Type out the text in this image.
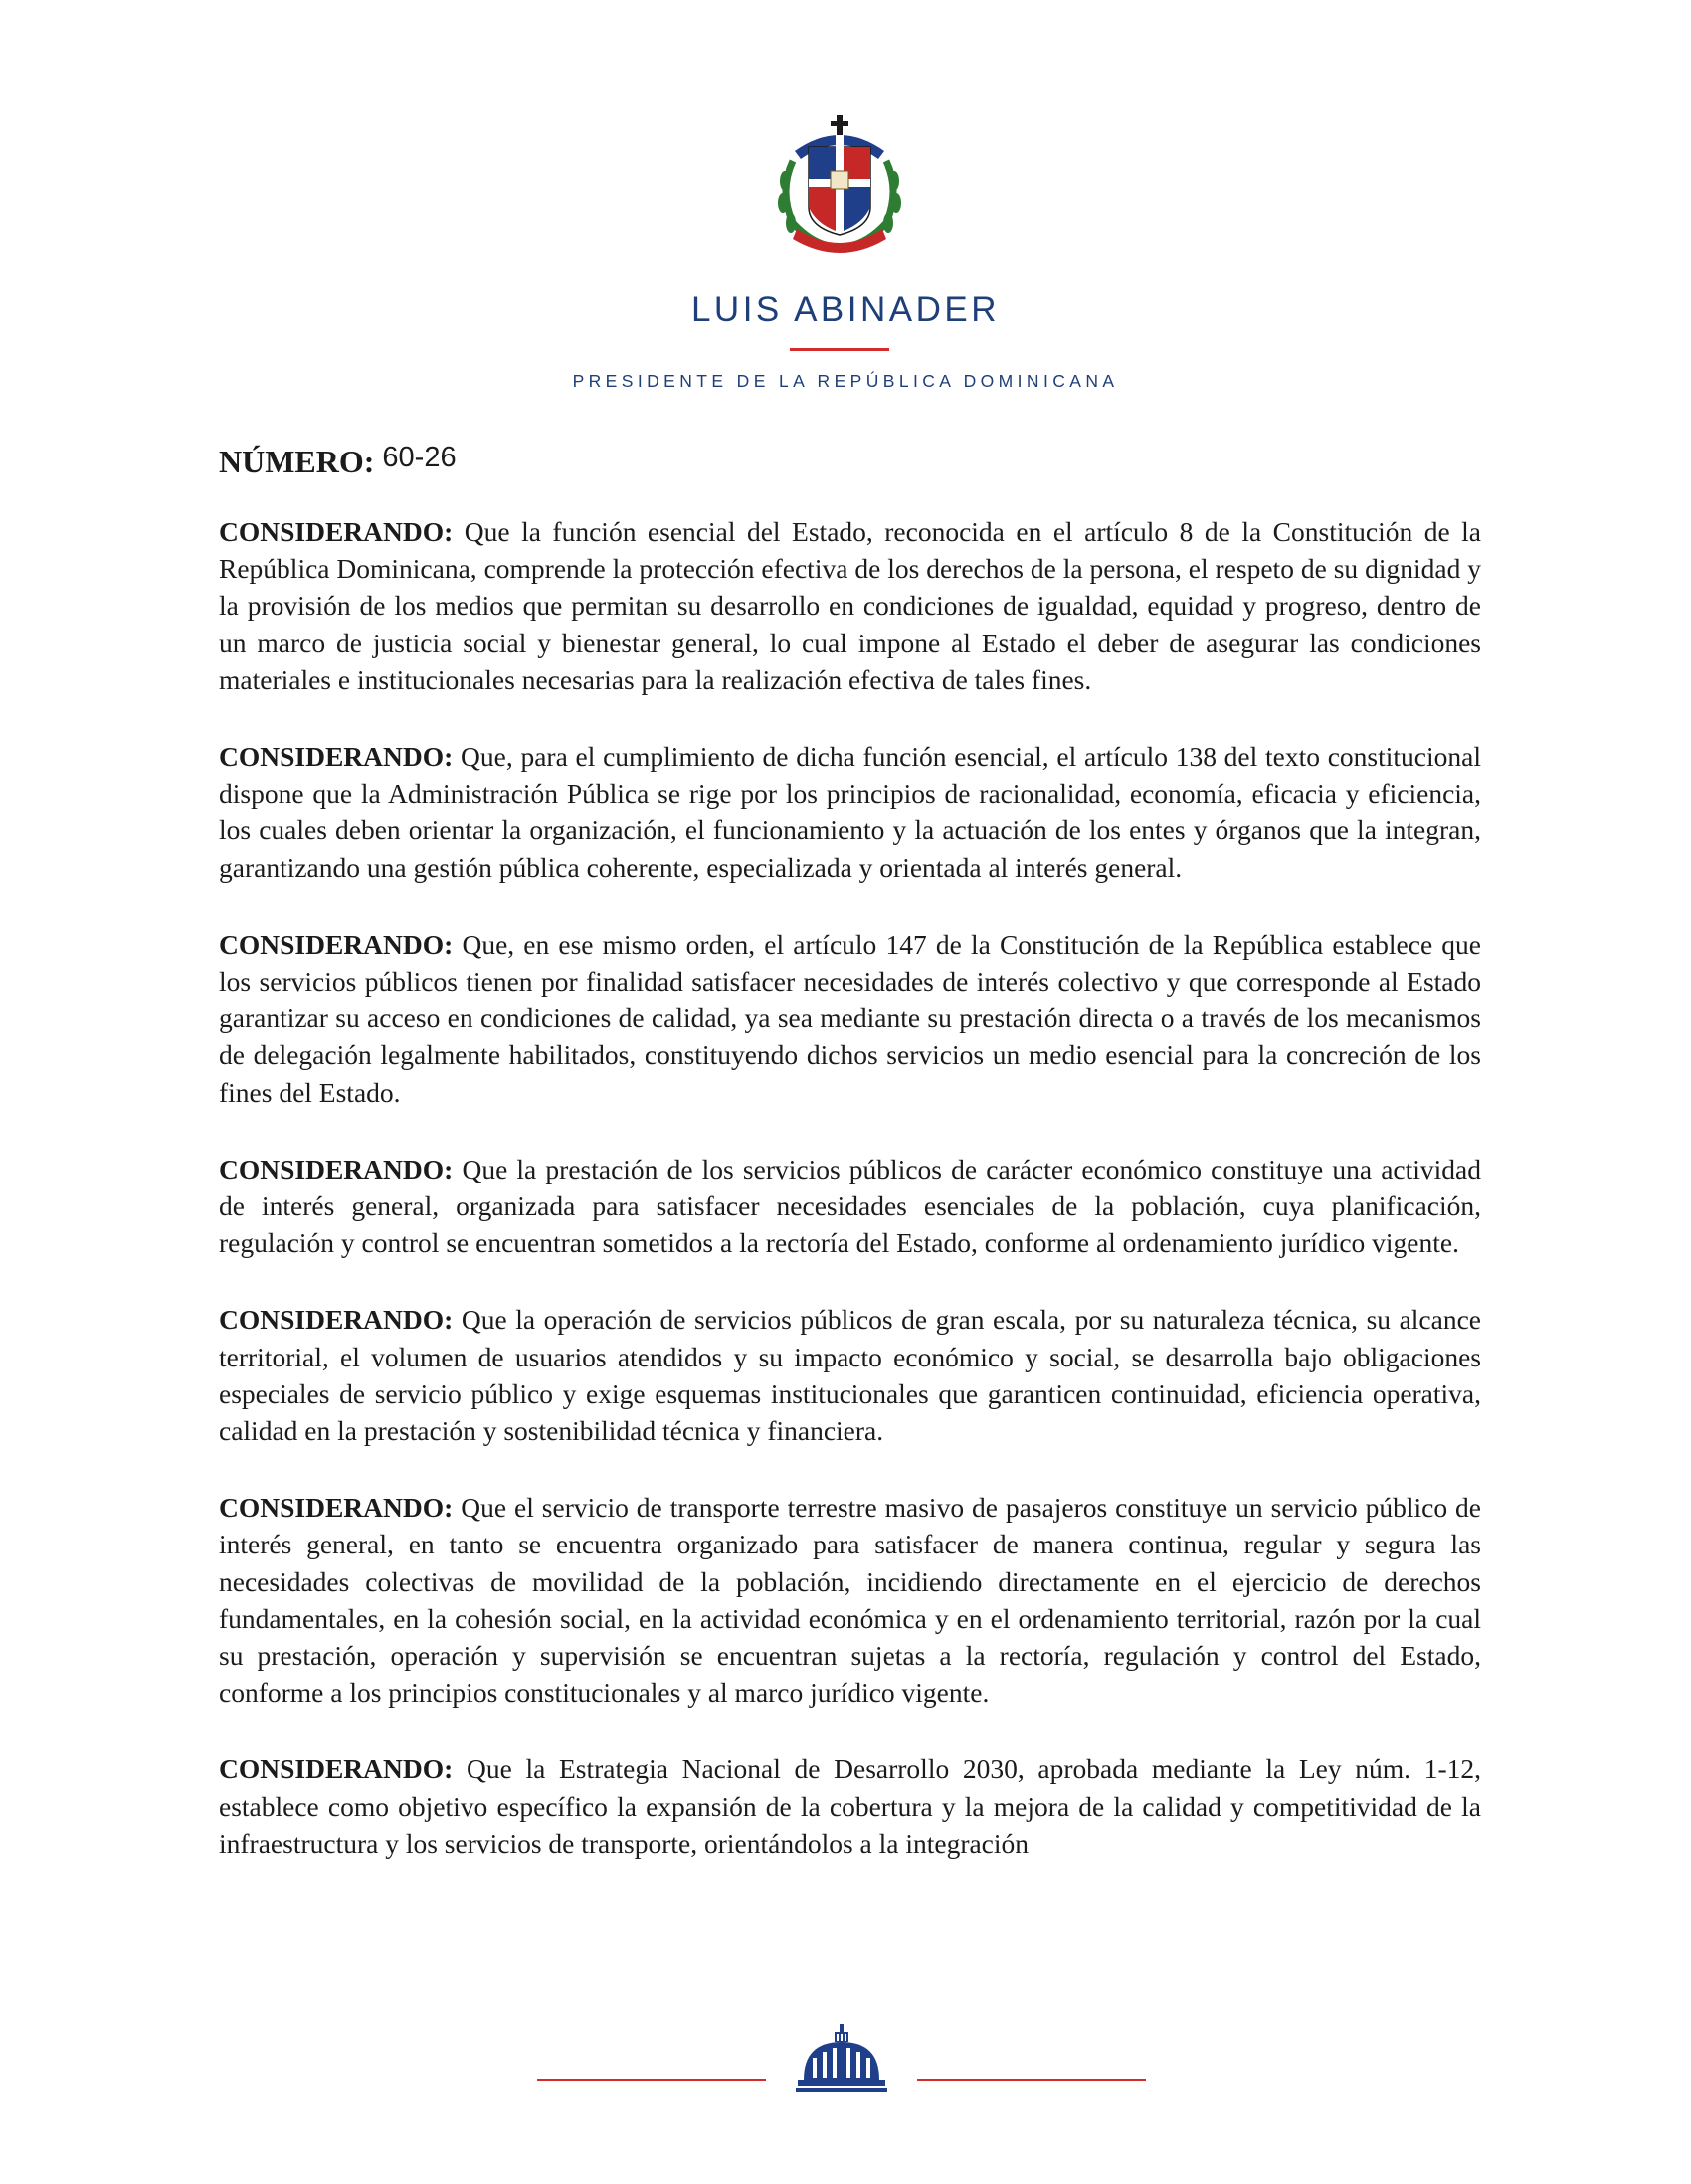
LUIS ABINADER
PRESIDENTE DE LA REPÚBLICA DOMINICANA
NÚMERO: 60-26

CONSIDERANDO: Que la función esencial del Estado, reconocida en el artículo 8 de la Constitución de la República Dominicana, comprende la protección efectiva de los derechos de la persona, el respeto de su dignidad y la provisión de los medios que permitan su desarrollo en condiciones de igualdad, equidad y progreso, dentro de un marco de justicia social y bienestar general, lo cual impone al Estado el deber de asegurar las condiciones materiales e institucionales necesarias para la realización efectiva de tales fines.

CONSIDERANDO: Que, para el cumplimiento de dicha función esencial, el artículo 138 del texto constitucional dispone que la Administración Pública se rige por los principios de racionalidad, economía, eficacia y eficiencia, los cuales deben orientar la organización, el funcionamiento y la actuación de los entes y órganos que la integran, garantizando una gestión pública coherente, especializada y orientada al interés general.

CONSIDERANDO: Que, en ese mismo orden, el artículo 147 de la Constitución de la República establece que los servicios públicos tienen por finalidad satisfacer necesidades de interés colectivo y que corresponde al Estado garantizar su acceso en condiciones de calidad, ya sea mediante su prestación directa o a través de los mecanismos de delegación legalmente habilitados, constituyendo dichos servicios un medio esencial para la concreción de los fines del Estado.

CONSIDERANDO: Que la prestación de los servicios públicos de carácter económico constituye una actividad de interés general, organizada para satisfacer necesidades esenciales de la población, cuya planificación, regulación y control se encuentran sometidos a la rectoría del Estado, conforme al ordenamiento jurídico vigente.

CONSIDERANDO: Que la operación de servicios públicos de gran escala, por su naturaleza técnica, su alcance territorial, el volumen de usuarios atendidos y su impacto económico y social, se desarrolla bajo obligaciones especiales de servicio público y exige esquemas institucionales que garanticen continuidad, eficiencia operativa, calidad en la prestación y sostenibilidad técnica y financiera.

CONSIDERANDO: Que el servicio de transporte terrestre masivo de pasajeros constituye un servicio público de interés general, en tanto se encuentra organizado para satisfacer de manera continua, regular y segura las necesidades colectivas de movilidad de la población, incidiendo directamente en el ejercicio de derechos fundamentales, en la cohesión social, en la actividad económica y en el ordenamiento territorial, razón por la cual su prestación, operación y supervisión se encuentran sujetas a la rectoría, regulación y control del Estado, conforme a los principios constitucionales y al marco jurídico vigente.

CONSIDERANDO: Que la Estrategia Nacional de Desarrollo 2030, aprobada mediante la Ley núm. 1-12, establece como objetivo específico la expansión de la cobertura y la mejora de la calidad y competitividad de la infraestructura y los servicios de transporte, orientándolos a la integración
